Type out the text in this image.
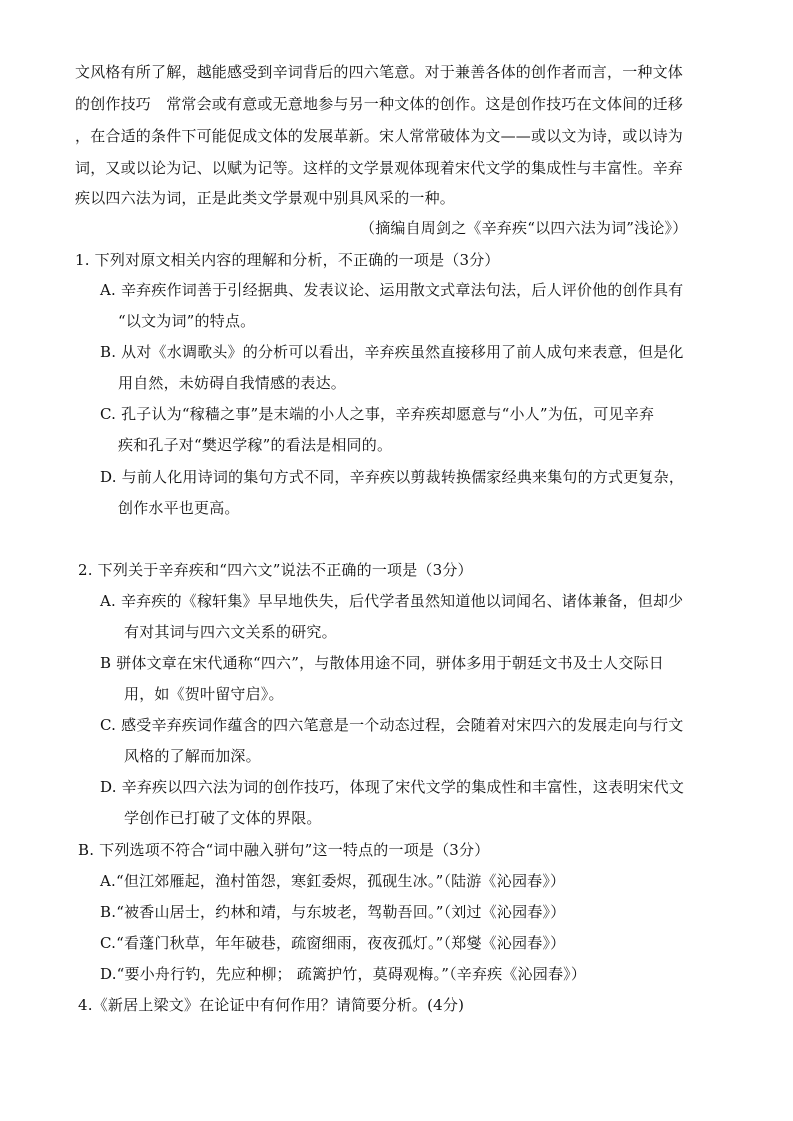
文风格有所了解，越能感受到辛词背后的四六笔意。对于兼善各体的创作者而言，一种文体
的创作技巧　常常会或有意或无意地参与另一种文体的创作。这是创作技巧在文体间的迁移
，在合适的条件下可能促成文体的发展革新。宋人常常破体为文——或以文为诗，或以诗为
词，又或以论为记、以赋为记等。这样的文学景观体现着宋代文学的集成性与丰富性。辛弃
疾以四六法为词，正是此类文学景观中别具风采的一种。
（摘编自周剑之《辛弃疾“以四六法为词”浅论》）
1. 下列对原文相关内容的理解和分析，不正确的一项是（3分）
A. 辛弃疾作词善于引经据典、发表议论、运用散文式章法句法，后人评价他的创作具有
“以文为词”的特点。
B. 从对《水调歌头》的分析可以看出，辛弃疾虽然直接移用了前人成句来表意，但是化
用自然，未妨碍自我情感的表达。
C. 孔子认为“稼穑之事”是末端的小人之事，辛弃疾却愿意与“小人”为伍，可见辛弃
疾和孔子对“樊迟学稼”的看法是相同的。
D. 与前人化用诗词的集句方式不同，辛弃疾以剪裁转换儒家经典来集句的方式更复杂，
创作水平也更高。
2. 下列关于辛弃疾和“四六文”说法不正确的一项是（3分）
A. 辛弃疾的《稼轩集》早早地佚失，后代学者虽然知道他以词闻名、诸体兼备，但却少
有对其词与四六文关系的研究。
B 骈体文章在宋代通称“四六”，与散体用途不同，骈体多用于朝廷文书及士人交际日
用，如《贺叶留守启》。
C. 感受辛弃疾词作蕴含的四六笔意是一个动态过程，会随着对宋四六的发展走向与行文
风格的了解而加深。
D. 辛弃疾以四六法为词的创作技巧，体现了宋代文学的集成性和丰富性，这表明宋代文
学创作已打破了文体的界限。
B. 下列选项不符合“词中融入骈句”这一特点的一项是（3分）
A.“但江郊雁起，渔村笛怨，寒釭委烬，孤砚生冰。”（陆游《沁园春》）
B.“被香山居士，约林和靖，与东坡老，驾勒吾回。”（刘过《沁园春》）
C.“看蓬门秋草，年年破巷，疏窗细雨，夜夜孤灯。”（郑燮《沁园春》）
D.“要小舟行钓，先应种柳； 疏篱护竹，莫碍观梅。”（辛弃疾《沁园春》）
4.《新居上梁文》在论证中有何作用？请简要分析。(4分)
